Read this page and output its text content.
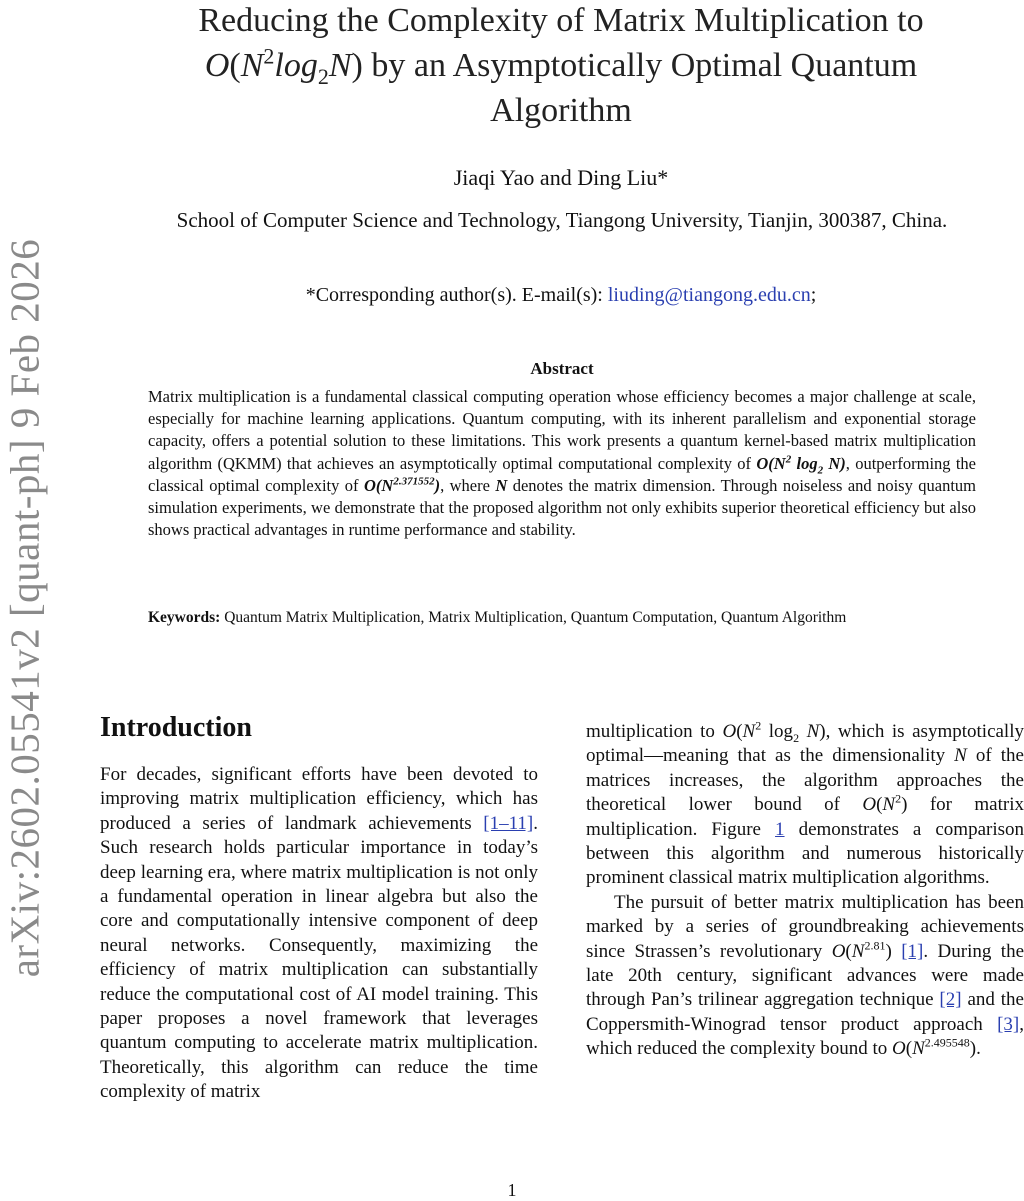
arXiv:2602.05541v2 [quant-ph] 9 Feb 2026
Reducing the Complexity of Matrix Multiplication to
$O(N^2\log_2N)$ by an Asymptotically Optimal Quantum
Algorithm
Jiaqi Yao and Ding Liu*
School of Computer Science and Technology, Tiangong University, Tianjin, 300387, China.
*Corresponding author(s). E-mail(s): liuding@tiangong.edu.cn;
Abstract

Matrix multiplication is a fundamental classical computing operation whose efficiency becomes a major challenge at scale, especially for machine learning applications. Quantum computing, with its inherent parallelism and exponential storage capacity, offers a potential solution to these limitations. This work presents a quantum kernel-based matrix multiplication algorithm (QKMM) that achieves an asymptotically optimal computational complexity of $O(N^2$ $\log_2 N$), outperforming the classical optimal complexity of $O(N^{2.371552})$, where N denotes the matrix dimension. Through noiseless and noisy quantum simulation experiments, we demonstrate that the proposed algorithm not only exhibits superior theoretical efficiency but also shows practical advantages in runtime performance and stability.

Keywords: Quantum Matrix Multiplication, Matrix Multiplication, Quantum Computation, Quantum Algorithm

Introduction

For decades, significant efforts have been devoted to improving matrix multiplication efficiency, which has produced a series of landmark achievements [1–11]. Such research holds particular importance in today’s deep learning era, where matrix multiplication is not only a fundamental operation in linear algebra but also the core and computationally intensive component of deep neural networks. Consequently, maximizing the efficiency of matrix multiplication can substantially reduce the computational cost of AI model training. This paper proposes a novel framework that leverages quantum computing to accelerate matrix multiplication. Theoretically, this algorithm can reduce the time complexity of matrix

multiplication to $O(N^2$ $\log_2 N$), which is asymptotically optimal—meaning that as the dimensionality N of the matrices increases, the algorithm approaches the theoretical lower bound of $O(N^2)$ for matrix multiplication. Figure 1 demonstrates a comparison between this algorithm and numerous historically prominent classical matrix multiplication algorithms.

The pursuit of better matrix multiplication has been marked by a series of groundbreaking achievements since Strassen’s revolutionary $O(N^{2.81})$ [1]. During the late 20th century, significant advances were made through Pan’s trilinear aggregation technique [2] and the Coppersmith-Winograd tensor product approach [3], which reduced the complexity bound to $O(N^{2.495548})$.

1
